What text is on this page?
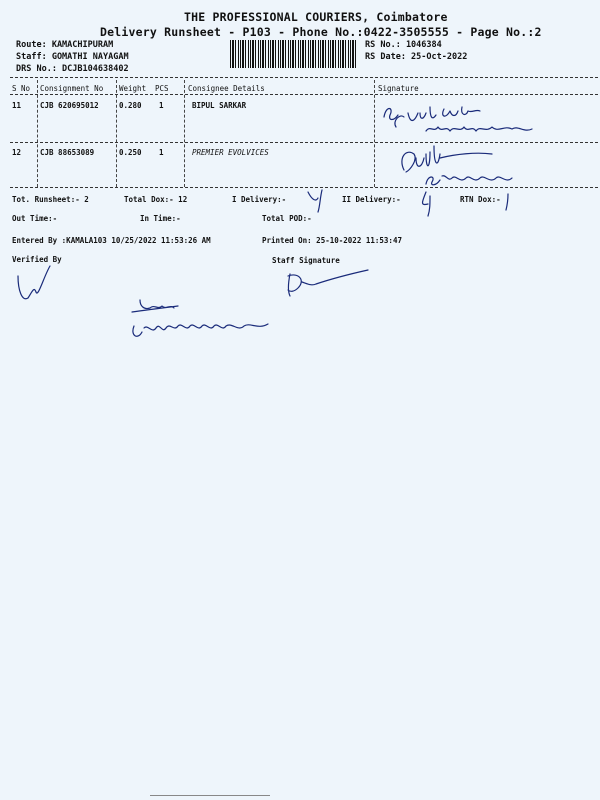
THE PROFESSIONAL COURIERS, Coimbatore
Delivery Runsheet - P103 - Phone No.:0422-3505555 - Page No.:2
Route: KAMACHIPURAM
Staff: GOMATHI NAYAGAM
DRS No.: DCJB104638402
RS No.: 1046384
RS Date: 25-Oct-2022
S No Consignment No Weight PCS	Consignee Details	Signature
11	CJB 620695012	0.280 1	BIPUL SARKAR
12	CJB 88653089	0.250 1	PREMIER EVOLVICES
Tot. Runsheet:- 2	Total Dox:- 12	I Delivery:-	II Delivery:-	RTN Dox:-
Out Time:-	In Time:-	Total POD:-
Entered By :KAMALA103 10/25/2022 11:53:26 AM	Printed On: 25-10-2022 11:53:47
Verified By	Staff Signature
